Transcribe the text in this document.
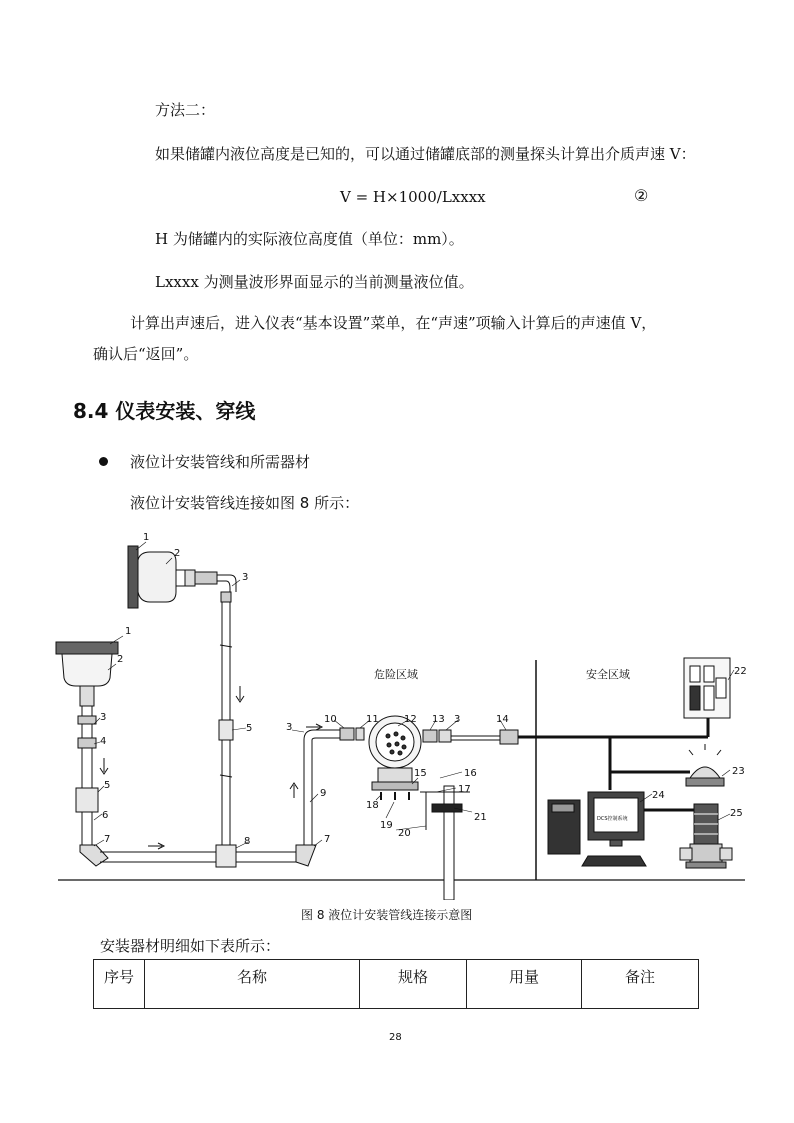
方法二：
如果储罐内液位高度是已知的，可以通过储罐底部的测量探头计算出介质声速 V：
V = H×1000/Lxxxx	②
H 为储罐内的实际液位高度值（单位：mm）。
Lxxxx 为测量波形界面显示的当前测量液位值。
计算出声速后，进入仪表“基本设置”菜单，在“声速”项输入计算后的声速值 V，
确认后“返回”。
8.4 仪表安装、穿线
液位计安装管线和所需器材
液位计安装管线连接如图 8 所示：
危险区域	安全区域
DCS控制系统
1
2
3
1
2
3
4
5
6
7
5
8
9
7
3
10	11	12 13 3	14
15	16
17
18
19
20
21
22
23
24
25
图 8 液位计安装管线连接示意图
安装器材明细如下表所示：
序号	名称	规格	用量	备注
28
